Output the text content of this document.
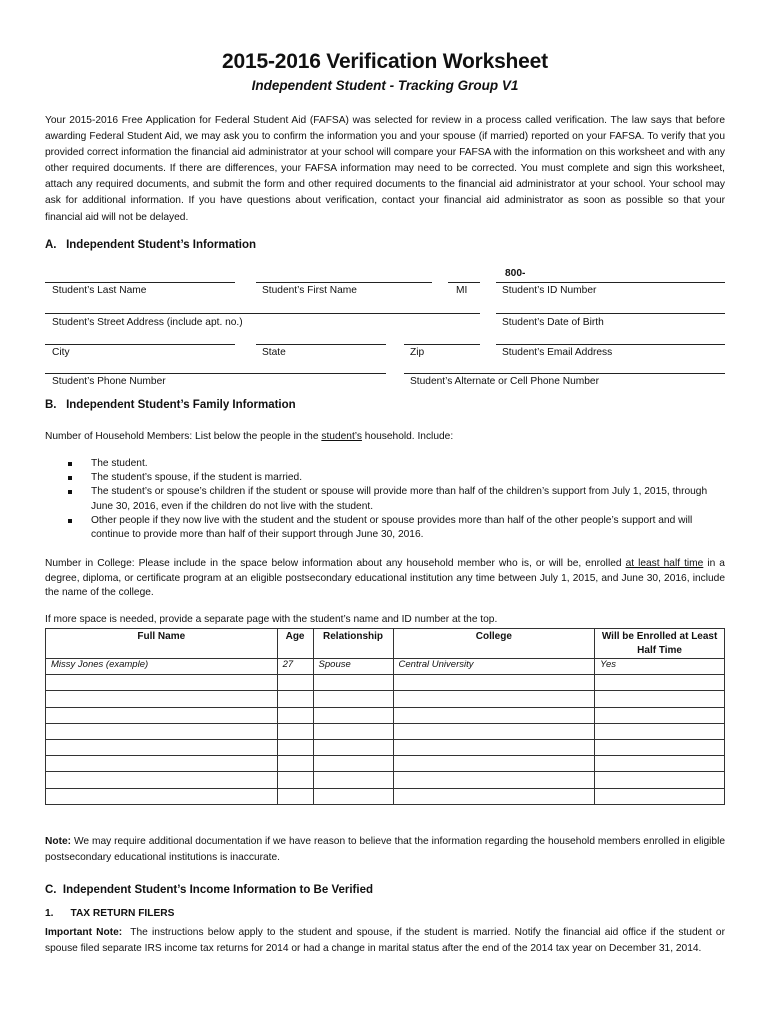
2015-2016 Verification Worksheet
Independent Student - Tracking Group V1
Your 2015-2016 Free Application for Federal Student Aid (FAFSA) was selected for review in a process called verification. The law says that before awarding Federal Student Aid, we may ask you to confirm the information you and your spouse (if married) reported on your FAFSA. To verify that you provided correct information the financial aid administrator at your school will compare your FAFSA with the information on this worksheet and with any other required documents. If there are differences, your FAFSA information may need to be corrected. You must complete and sign this worksheet, attach any required documents, and submit the form and other required documents to the financial aid administrator at your school. Your school may ask for additional information. If you have questions about verification, contact your financial aid administrator as soon as possible so that your financial aid will not be delayed.
A.   Independent Student’s Information
800-
Student’s Last Name	Student’s First Name	MI	Student’s ID Number
Student’s Street Address (include apt. no.)	Student’s Date of Birth
City	State	Zip	Student’s Email Address
Student’s Phone Number	Student’s Alternate or Cell Phone Number
B.   Independent Student’s Family Information
Number of Household Members: List below the people in the student’s household. Include:
The student.
The student’s spouse, if the student is married.
The student’s or spouse’s children if the student or spouse will provide more than half of the children’s support from July 1, 2015, through June 30, 2016, even if the children do not live with the student.
Other people if they now live with the student and the student or spouse provides more than half of the other people’s support and will continue to provide more than half of their support through June 30, 2016.
Number in College: Please include in the space below information about any household member who is, or will be, enrolled at least half time in a degree, diploma, or certificate program at an eligible postsecondary educational institution any time between July 1, 2015, and June 30, 2016, include the name of the college.
If more space is needed, provide a separate page with the student’s name and ID number at the top.
Full Name	Age	Relationship	College	Will be Enrolled at Least Half Time
Missy Jones (example)	27	Spouse	Central University	Yes

Note: We may require additional documentation if we have reason to believe that the information regarding the household members enrolled in eligible postsecondary educational institutions is inaccurate.
C.  Independent Student’s Income Information to Be Verified
1.      TAX RETURN FILERS
Important Note:  The instructions below apply to the student and spouse, if the student is married. Notify the financial aid office if the student or spouse filed separate IRS income tax returns for 2014 or had a change in marital status after the end of the 2014 tax year on December 31, 2014.
